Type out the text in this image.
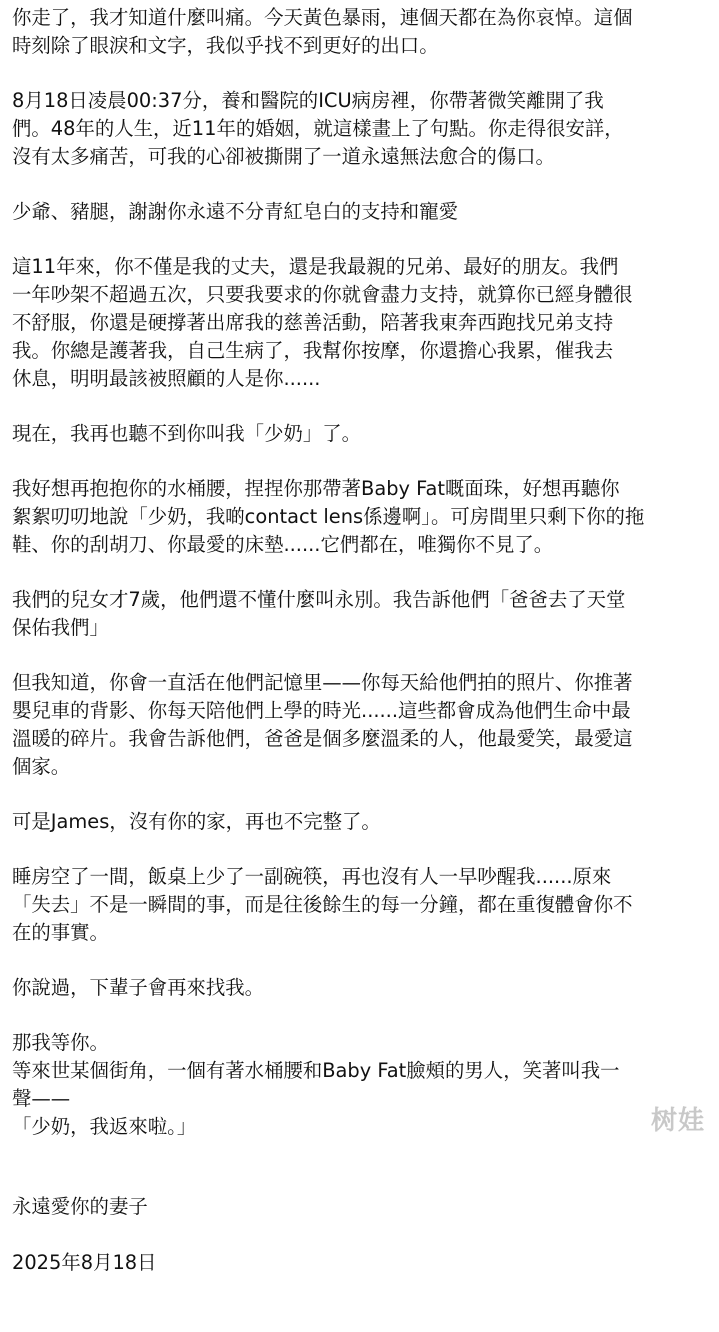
你走了，我才知道什麼叫痛。今天黃色暴雨，連個天都在為你哀悼。這個
時刻除了眼淚和文字，我似乎找不到更好的出口。

8月18日凌晨00:37分，養和醫院的ICU病房裡，你帶著微笑離開了我
們。48年的人生，近11年的婚姻，就這樣畫上了句點。你走得很安詳，
沒有太多痛苦，可我的心卻被撕開了一道永遠無法愈合的傷口。

少爺、豬腿，謝謝你永遠不分青紅皂白的支持和寵愛

這11年來，你不僅是我的丈夫，還是我最親的兄弟、最好的朋友。我們
一年吵架不超過五次，只要我要求的你就會盡力支持，就算你已經身體很
不舒服，你還是硬撐著出席我的慈善活動，陪著我東奔西跑找兄弟支持
我。你總是護著我，自己生病了，我幫你按摩，你還擔心我累，催我去
休息，明明最該被照顧的人是你......

現在，我再也聽不到你叫我「少奶」了。

我好想再抱抱你的水桶腰，捏捏你那帶著Baby Fat嘅面珠，好想再聽你
絮絮叨叨地說「少奶，我啲contact lens係邊啊」。可房間里只剩下你的拖
鞋、你的刮胡刀、你最愛的床墊......它們都在，唯獨你不見了。

我們的兒女才7歲，他們還不懂什麼叫永別。我告訴他們「爸爸去了天堂
保佑我們」

但我知道，你會一直活在他們記憶里——你每天給他們拍的照片、你推著
嬰兒車的背影、你每天陪他們上學的時光......這些都會成為他們生命中最
溫暖的碎片。我會告訴他們，爸爸是個多麼溫柔的人，他最愛笑，最愛這
個家。

可是James，沒有你的家，再也不完整了。

睡房空了一間，飯桌上少了一副碗筷，再也沒有人一早吵醒我......原來
「失去」不是一瞬間的事，而是往後餘生的每一分鐘，都在重復體會你不
在的事實。

你說過，下輩子會再來找我。

那我等你。
等來世某個街角，一個有著水桶腰和Baby Fat臉頰的男人，笑著叫我一
聲——
「少奶，我返來啦。」

永遠愛你的妻子

2025年8月18日

树娃
